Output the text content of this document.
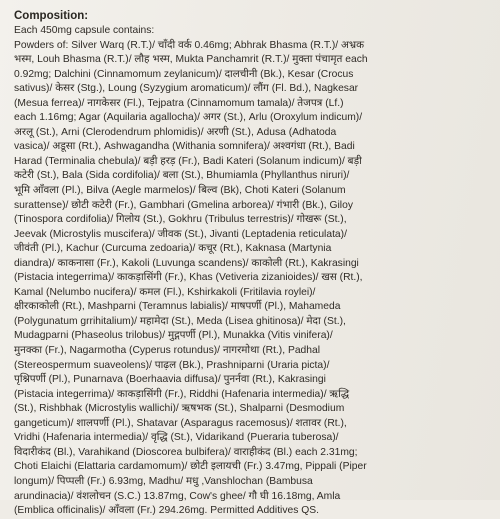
Composition:
Each 450mg capsule contains:
Powders of: Silver Warq (R.T.)/ चाँदी वर्क 0.46mg; Abhrak Bhasma (R.T.)/ अभ्रक
भस्म, Louh Bhasma (R.T.)/ लौह भस्म, Mukta Panchamrit (R.T.)/ मुक्ता पंचामृत each
0.92mg; Dalchini (Cinnamomum zeylanicum)/ दालचीनी (Bk.), Kesar (Crocus
sativus)/ केसर (Stg.), Loung (Syzygium aromaticum)/ लौंग (Fl. Bd.), Nagkesar
(Mesua ferrea)/ नागकेसर (Fl.), Tejpatra (Cinnamomum tamala)/ तेजपत्र (Lf.)
each 1.16mg; Agar (Aquilaria agallocha)/ अगर (St.), Arlu (Oroxylum indicum)/
अरलू (St.), Arni (Clerodendrum phlomidis)/ अरणी (St.), Adusa (Adhatoda
vasica)/ अडूसा (Rt.), Ashwagandha (Withania somnifera)/ अश्वगंधा (Rt.), Badi
Harad (Terminalia chebula)/ बड़ी हरड़ (Fr.), Badi Kateri (Solanum indicum)/ बड़ी
कटेरी (St.), Bala (Sida cordifolia)/ बला (St.), Bhumiamla (Phyllanthus niruri)/
भूमि आँवला (Pl.), Bilva (Aegle marmelos)/ बिल्व (Bk), Choti Kateri (Solanum
surattense)/ छोटी कटेरी (Fr.), Gambhari (Gmelina arborea)/ गंभारी (Bk.), Giloy
(Tinospora cordifolia)/ गिलोय (St.), Gokhru (Tribulus terrestris)/ गोखरू (St.),
Jeevak (Microstylis muscifera)/ जीवक (St.), Jivanti (Leptadenia reticulata)/
जीवंती (Pl.), Kachur (Curcuma zedoaria)/ कचूर (Rt.), Kaknasa (Martynia
diandra)/ काकनासा (Fr.), Kakoli (Luvunga scandens)/ काकोली (Rt.), Kakrasingi
(Pistacia integerrima)/ काकड़ासिंगी (Fr.), Khas (Vetiveria zizanioides)/ खस (Rt.),
Kamal (Nelumbo nucifera)/ कमल (Fl.), Kshirkakoli (Fritilavia roylei)/
क्षीरकाकोली (Rt.), Mashparni (Teramnus labialis)/ माषपर्णी (Pl.), Mahameda
(Polygunatum grrihitalium)/ महामेदा (St.), Meda (Lisea ghitinosa)/ मेदा (St.),
Mudagparni (Phaseolus trilobus)/ मुद्गपर्णी (Pl.), Munakka (Vitis vinifera)/
मुनक्का (Fr.), Nagarmotha (Cyperus rotundus)/ नागरमोथा (Rt.), Padhal
(Stereospermum suaveolens)/ पाढ़ल (Bk.), Prashniparni (Uraria picta)/
पृश्निपर्णी (Pl.), Punarnava (Boerhaavia diffusa)/ पुनर्नवा (Rt.), Kakrasingi
(Pistacia integerrima)/ काकड़ासिंगी (Fr.), Riddhi (Hafenaria intermedia)/ ऋद्धि
(St.), Rishbhak (Microstylis wallichi)/ ऋषभक (St.), Shalparni (Desmodium
gangeticum)/ शालपर्णी (Pl.), Shatavar (Asparagus racemosus)/ शतावर (Rt.),
Vridhi (Hafenaria intermedia)/ वृद्धि (St.), Vidarikand (Pueraria tuberosa)/
विदारीकंद (Bl.), Varahikand (Dioscorea bulbifera)/ वाराहीकंद (Bl.) each 2.31mg;
Choti Elaichi (Elattaria cardamomum)/ छोटी इलायची (Fr.) 3.47mg, Pippali (Piper
longum)/ पिप्पली (Fr.) 6.93mg, Madhu/ मधु ,Vanshlochan (Bambusa
arundinacia)/ वंशलोचन (S.C.) 13.87mg, Cow's ghee/ गौ घी 16.18mg, Amla
(Emblica officinalis)/ आँवला (Fr.) 294.26mg. Permitted Additives QS.
